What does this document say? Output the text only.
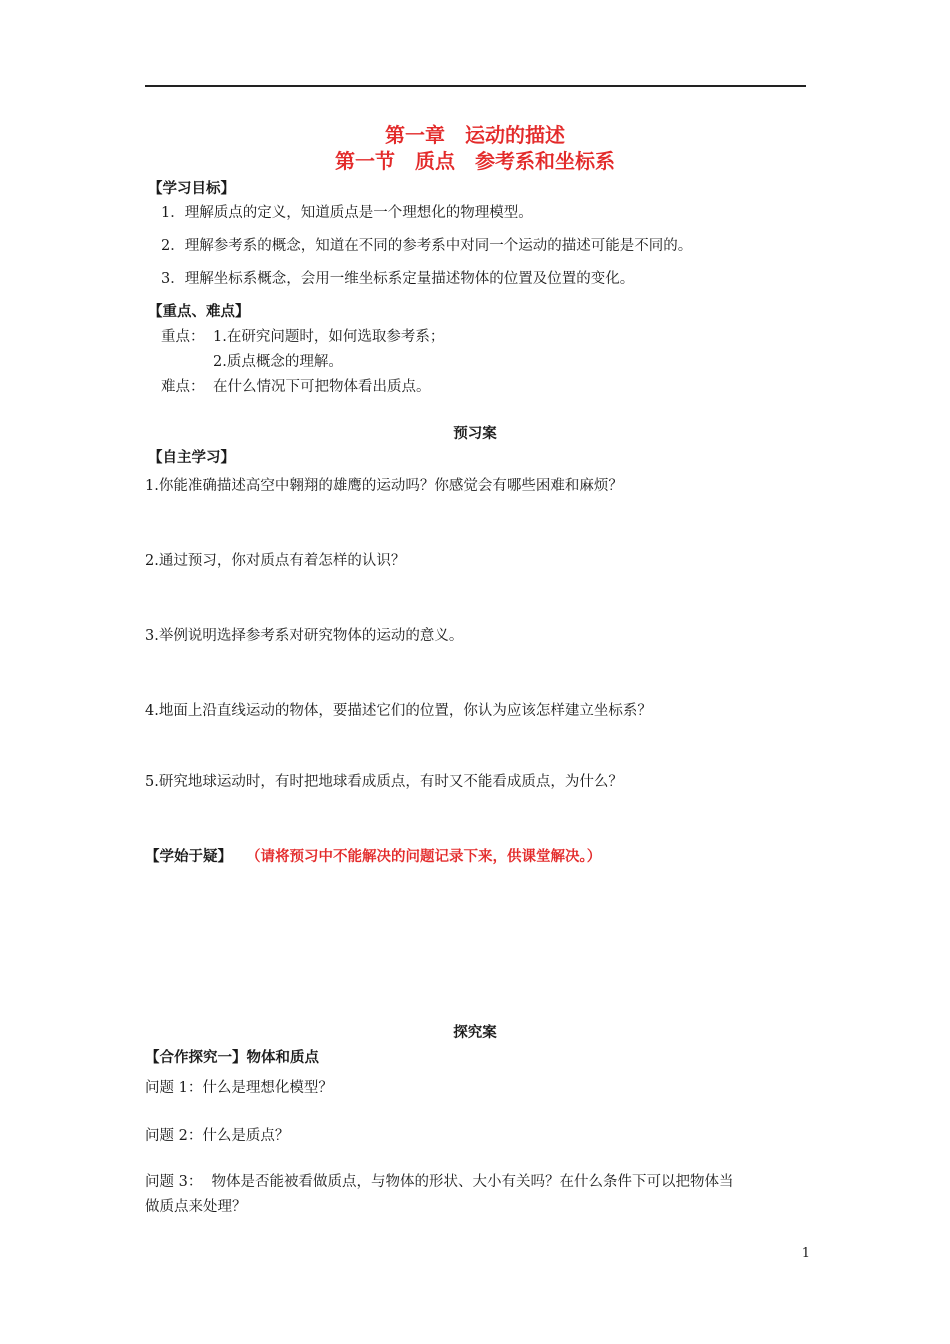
第一章　运动的描述
第一节　质点　参考系和坐标系
【学习目标】
1．理解质点的定义，知道质点是一个理想化的物理模型。
2．理解参考系的概念，知道在不同的参考系中对同一个运动的描述可能是不同的。
3．理解坐标系概念，会用一维坐标系定量描述物体的位置及位置的变化。
【重点、难点】
重点： 1.在研究问题时，如何选取参考系；
2.质点概念的理解。
难点： 在什么情况下可把物体看出质点。
预习案
【自主学习】
1.你能准确描述高空中翱翔的雄鹰的运动吗？你感觉会有哪些困难和麻烦？
2.通过预习，你对质点有着怎样的认识？
3.举例说明选择参考系对研究物体的运动的意义。
4.地面上沿直线运动的物体，要描述它们的位置，你认为应该怎样建立坐标系？
5.研究地球运动时，有时把地球看成质点，有时又不能看成质点，为什么？
【学始于疑】 （请将预习中不能解决的问题记录下来，供课堂解决。）
探究案
【合作探究一】物体和质点
问题 1：什么是理想化模型？
问题 2：什么是质点？
问题 3：  物体是否能被看做质点，与物体的形状、大小有关吗？在什么条件下可以把物体当
做质点来处理？
1
